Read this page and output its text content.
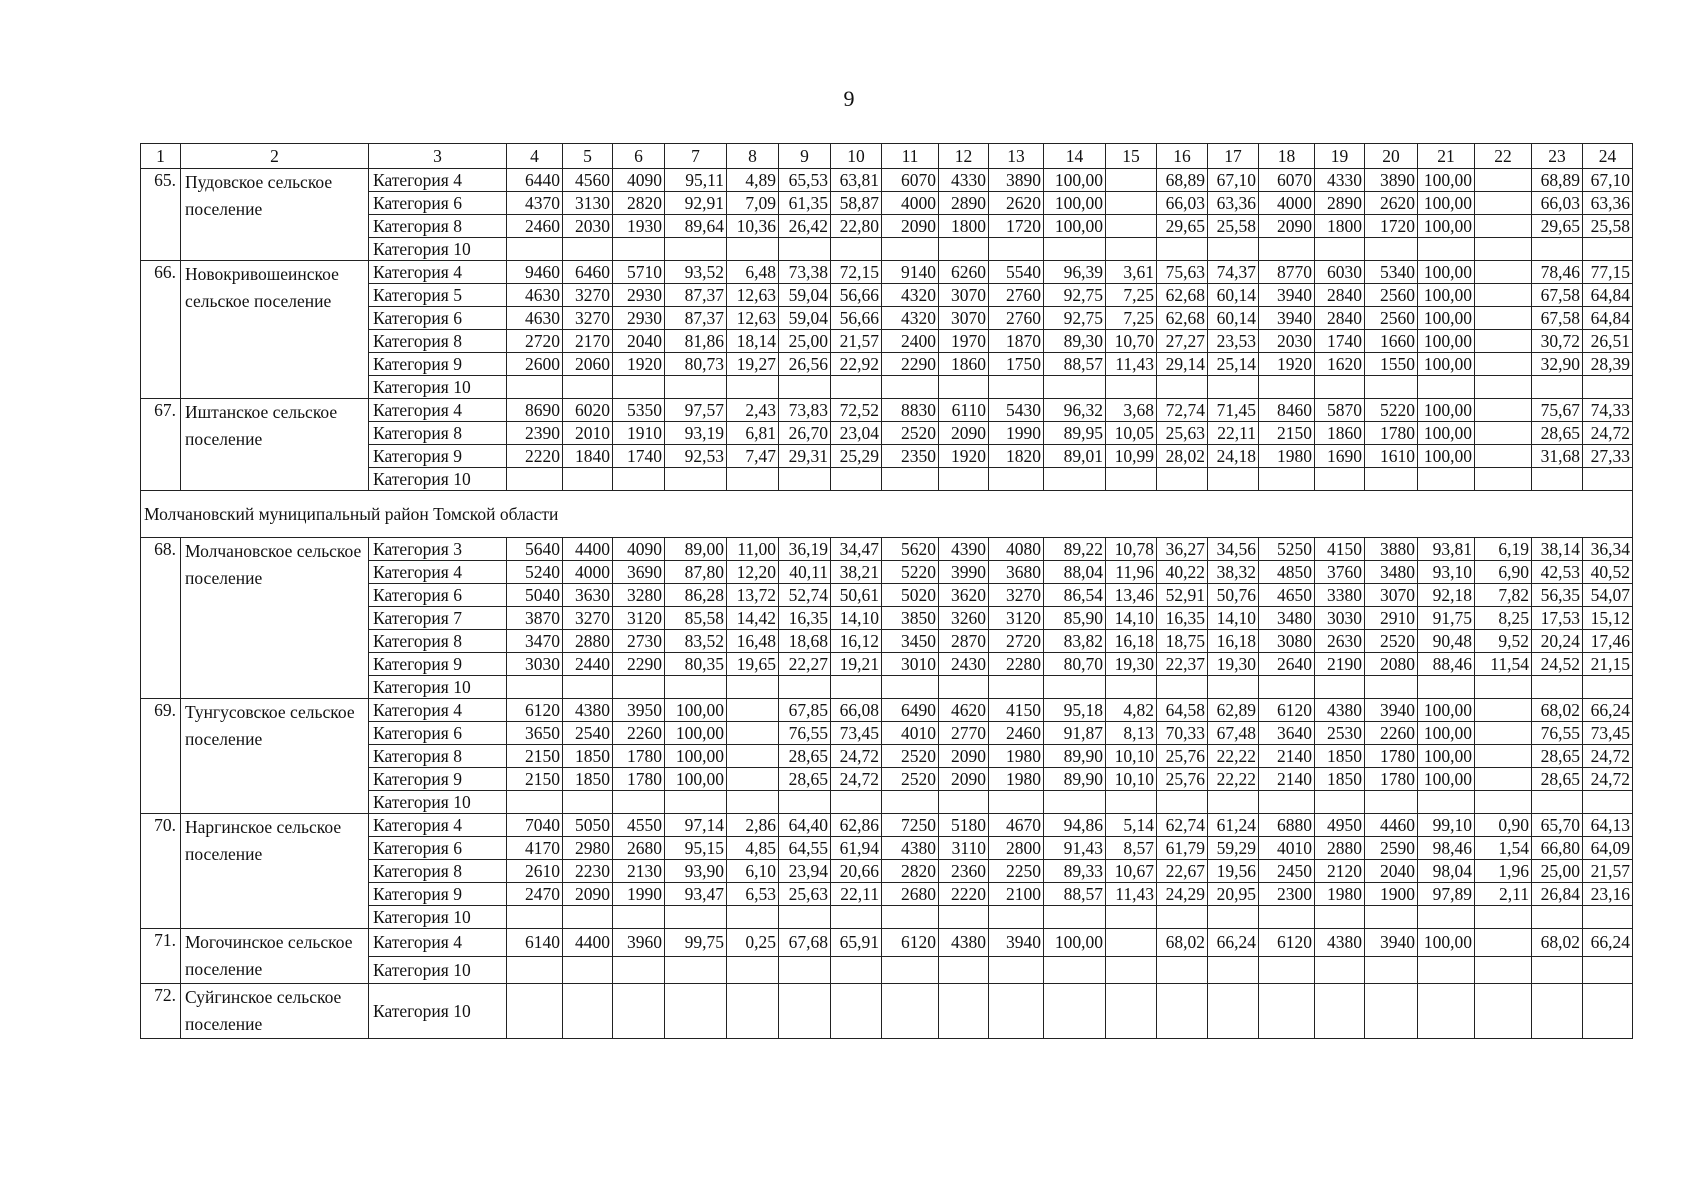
9
1	2	3	4	5	6	7	8	9	10	11	12	13	14	15	16	17	18	19	20	21	22	23	24
65.	Пудовское сельское поселение	Категория 4	6440	4560	4090	95,11	4,89	65,53	63,81	6070	4330	3890	100,00		68,89	67,10	6070	4330	3890	100,00		68,89	67,10
		Категория 6	4370	3130	2820	92,91	7,09	61,35	58,87	4000	2890	2620	100,00		66,03	63,36	4000	2890	2620	100,00		66,03	63,36
		Категория 8	2460	2030	1930	89,64	10,36	26,42	22,80	2090	1800	1720	100,00		29,65	25,58	2090	1800	1720	100,00		29,65	25,58
		Категория 10																					
66.	Новокривошеинское сельское поселение	Категория 4	9460	6460	5710	93,52	6,48	73,38	72,15	9140	6260	5540	96,39	3,61	75,63	74,37	8770	6030	5340	100,00		78,46	77,15
		Категория 5	4630	3270	2930	87,37	12,63	59,04	56,66	4320	3070	2760	92,75	7,25	62,68	60,14	3940	2840	2560	100,00		67,58	64,84
		Категория 6	4630	3270	2930	87,37	12,63	59,04	56,66	4320	3070	2760	92,75	7,25	62,68	60,14	3940	2840	2560	100,00		67,58	64,84
		Категория 8	2720	2170	2040	81,86	18,14	25,00	21,57	2400	1970	1870	89,30	10,70	27,27	23,53	2030	1740	1660	100,00		30,72	26,51
		Категория 9	2600	2060	1920	80,73	19,27	26,56	22,92	2290	1860	1750	88,57	11,43	29,14	25,14	1920	1620	1550	100,00		32,90	28,39
		Категория 10																					
67.	Иштанское сельское поселение	Категория 4	8690	6020	5350	97,57	2,43	73,83	72,52	8830	6110	5430	96,32	3,68	72,74	71,45	8460	5870	5220	100,00		75,67	74,33
		Категория 8	2390	2010	1910	93,19	6,81	26,70	23,04	2520	2090	1990	89,95	10,05	25,63	22,11	2150	1860	1780	100,00		28,65	24,72
		Категория 9	2220	1840	1740	92,53	7,47	29,31	25,29	2350	1920	1820	89,01	10,99	28,02	24,18	1980	1690	1610	100,00		31,68	27,33
		Категория 10																					
Молчановский муниципальный район Томской области																							
68.	Молчановское сельское поселение	Категория 3	5640	4400	4090	89,00	11,00	36,19	34,47	5620	4390	4080	89,22	10,78	36,27	34,56	5250	4150	3880	93,81	6,19	38,14	36,34
		Категория 4	5240	4000	3690	87,80	12,20	40,11	38,21	5220	3990	3680	88,04	11,96	40,22	38,32	4850	3760	3480	93,10	6,90	42,53	40,52
		Категория 6	5040	3630	3280	86,28	13,72	52,74	50,61	5020	3620	3270	86,54	13,46	52,91	50,76	4650	3380	3070	92,18	7,82	56,35	54,07
		Категория 7	3870	3270	3120	85,58	14,42	16,35	14,10	3850	3260	3120	85,90	14,10	16,35	14,10	3480	3030	2910	91,75	8,25	17,53	15,12
		Категория 8	3470	2880	2730	83,52	16,48	18,68	16,12	3450	2870	2720	83,82	16,18	18,75	16,18	3080	2630	2520	90,48	9,52	20,24	17,46
		Категория 9	3030	2440	2290	80,35	19,65	22,27	19,21	3010	2430	2280	80,70	19,30	22,37	19,30	2640	2190	2080	88,46	11,54	24,52	21,15
		Категория 10																					
69.	Тунгусовское сельское поселение	Категория 4	6120	4380	3950	100,00		67,85	66,08	6490	4620	4150	95,18	4,82	64,58	62,89	6120	4380	3940	100,00		68,02	66,24
		Категория 6	3650	2540	2260	100,00		76,55	73,45	4010	2770	2460	91,87	8,13	70,33	67,48	3640	2530	2260	100,00		76,55	73,45
		Категория 8	2150	1850	1780	100,00		28,65	24,72	2520	2090	1980	89,90	10,10	25,76	22,22	2140	1850	1780	100,00		28,65	24,72
		Категория 9	2150	1850	1780	100,00		28,65	24,72	2520	2090	1980	89,90	10,10	25,76	22,22	2140	1850	1780	100,00		28,65	24,72
		Категория 10																					
70.	Наргинское сельское поселение	Категория 4	7040	5050	4550	97,14	2,86	64,40	62,86	7250	5180	4670	94,86	5,14	62,74	61,24	6880	4950	4460	99,10	0,90	65,70	64,13
		Категория 6	4170	2980	2680	95,15	4,85	64,55	61,94	4380	3110	2800	91,43	8,57	61,79	59,29	4010	2880	2590	98,46	1,54	66,80	64,09
		Категория 8	2610	2230	2130	93,90	6,10	23,94	20,66	2820	2360	2250	89,33	10,67	22,67	19,56	2450	2120	2040	98,04	1,96	25,00	21,57
		Категория 9	2470	2090	1990	93,47	6,53	25,63	22,11	2680	2220	2100	88,57	11,43	24,29	20,95	2300	1980	1900	97,89	2,11	26,84	23,16
		Категория 10																					
71.	Могочинское сельское поселение	Категория 4	6140	4400	3960	99,75	0,25	67,68	65,91	6120	4380	3940	100,00		68,02	66,24	6120	4380	3940	100,00		68,02	66,24
		Категория 10																					
72.	Суйгинское сельское поселение	Категория 10																					
